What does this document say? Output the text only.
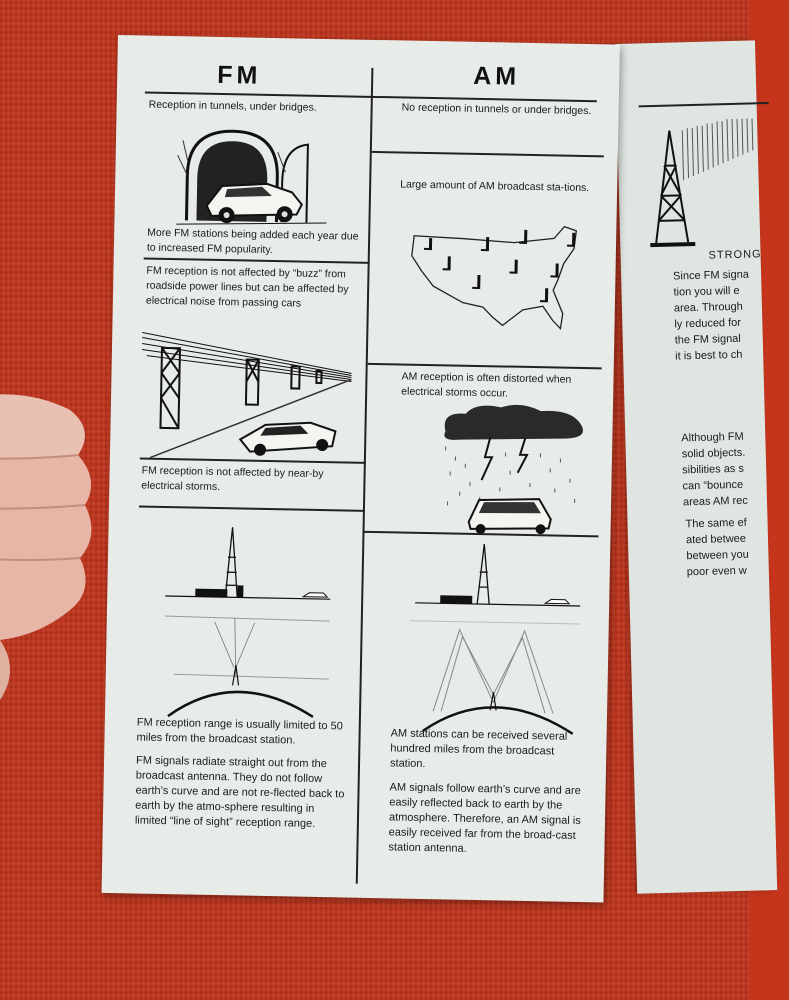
STRONG
Since FM signa
tion you will e
area. Through
ly reduced for
the FM signal
it is best to ch
Although FM
solid objects.
sibilities as s
can “bounce
areas AM rec
The same ef
ated betwee
between you
poor even w
FM	AM
Reception in tunnels, under bridges.	No reception in tunnels or under bridges.
More FM stations being added each year due to increased FM popularity.
Large amount of AM broadcast sta-tions.
FM reception is not affected by “buzz” from roadside power lines but can be affected by electrical noise from passing cars
AM reception is often distorted when electrical storms occur.
FM reception is not affected by near-by electrical storms.
FM reception range is usually limited to 50 miles from the broadcast station.
FM signals radiate straight out from the broadcast antenna. They do not follow earth’s curve and are not re-flected back to earth by the atmo-sphere resulting in limited “line of sight” reception range.
AM stations can be received several hundred miles from the broadcast station.
AM signals follow earth’s curve and are easily reflected back to earth by the atmosphere. Therefore, an AM signal is easily received far from the broad-cast station antenna.
